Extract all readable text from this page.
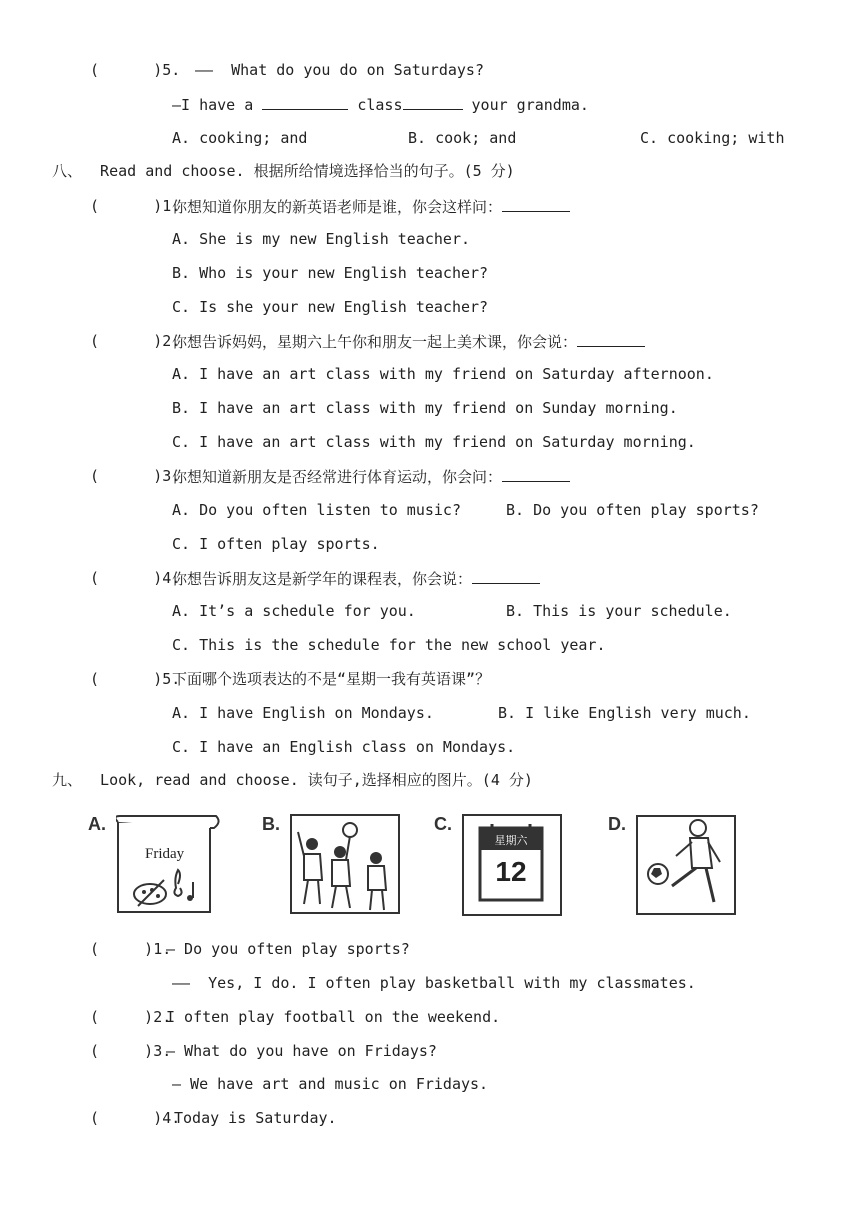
(      )5. ——  What do you do on Saturdays?
—I have a	class	your grandma.
A. cooking; and	B. cook; and	C. cooking; with
八、  Read and choose. 根据所给情境选择恰当的句子。(5 分)
(      )1.
你想知道你朋友的新英语老师是谁，你会这样问：
A. She is my new English teacher.
B. Who is your new English teacher?
C. Is she your new English teacher?
(      )2.
你想告诉妈妈，星期六上午你和朋友一起上美术课，你会说：
A. I have an art class with my friend on Saturday afternoon.
B. I have an art class with my friend on Sunday morning.
C. I have an art class with my friend on Saturday morning.
(      )3.
你想知道新朋友是否经常进行体育运动，你会问：
A. Do you often listen to music?	B. Do you often play sports?
C. I often play sports.
(      )4.
你想告诉朋友这是新学年的课程表，你会说：
A. It’s a schedule for you.	B. This is your schedule.
C. This is the schedule for the new school year.
(      )5.
下面哪个选项表达的不是“星期一我有英语课”？
A. I have English on Mondays.	B. I like English very much.
C. I have an English class on Mondays.
九、  Look, read and choose. 读句子,选择相应的图片。(4 分)
A.
Friday
B.	C.
星期六
12
D.
(     )1.
— Do you often play sports?
——  Yes, I do. I often play basketball with my classmates.
(     )2.
I often play football on the weekend.
(     )3.
— What do you have on Fridays?
— We have art and music on Fridays.
(      )4.
Today is Saturday.
